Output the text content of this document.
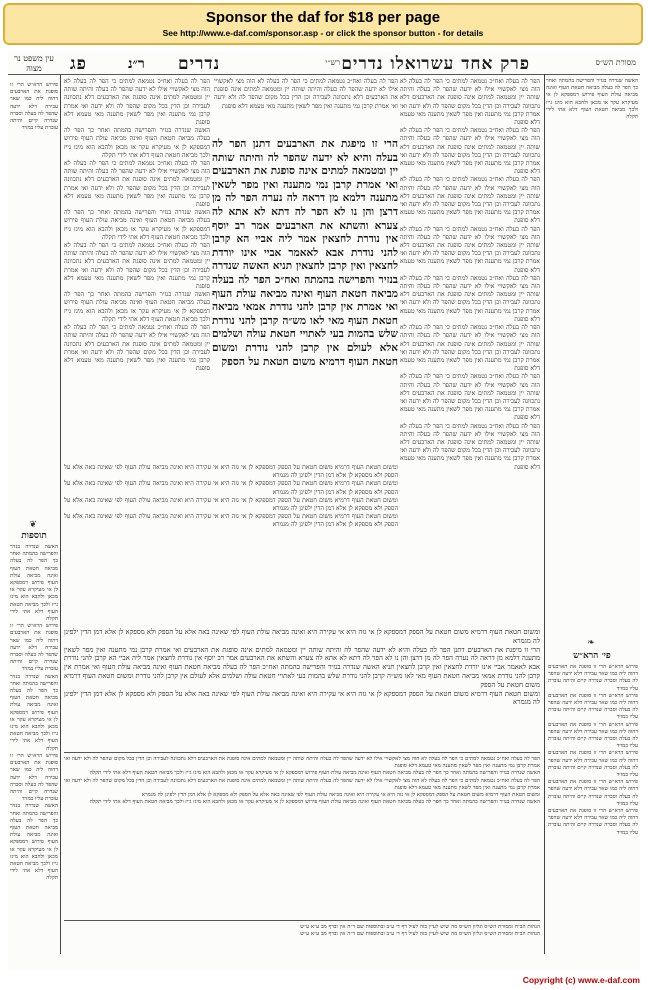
Sponsor the daf for $18 per page
See http://www.e-daf.com/sponsor.asp - or click the sponsor button - for details
מסורת הש״ס
רש״י ואלו נדרים פרק אחד עשר
נדרים
ר״נ
פג
עין משפט נר מצוה

האשה שנדרה בנזיר והפרישה בהמתה ואחר כך הפר לה בעלה מביאה חטאת העוף ואינה מביאה עולת העוף פירוש דמספקא לן אי מעיקרא עקר או מכאן ולהבא הוא מיגז גייז ולכך מביאה חטאת העוף דלא אתי לידי תקלה

הפר לה בעלה ואח״כ נטמאה למתים כי הפר לה בעלה לא הוה מצי לאקשויי אילו לא ידעה שהפר לה בעלה והיתה שותה יין ומטמאה למתים אינה סופגת את הארבעים דלא נתכוונה לעבירה וכן הדין בכל מקום שהפר לה ולא ידעה ואי אמרת קרבן נמי מתענה ואין מפר לשאין מתענה מאי טעמא דלא סופגת

הפר לה בעלה ואח״כ נטמאה למתים כי הפר לה בעלה לא הוה מצי לאקשויי אילו לא ידעה שהפר לה בעלה והיתה שותה יין ומטמאה למתים אינה סופגת את הארבעים דלא נתכוונה לעבירה וכן הדין בכל מקום שהפר לה ולא ידעה ואי אמרת קרבן נמי מתענה ואין מפר לשאין מתענה מאי טעמא דלא סופגת

הפר לה בעלה ואח״כ נטמאה למתים כי הפר לה בעלה לא הוה מצי לאקשויי אילו לא ידעה שהפר לה בעלה והיתה שותה יין ומטמאה למתים אינה סופגת את הארבעים דלא נתכוונה לעבירה וכן הדין בכל מקום שהפר לה ולא ידעה ואי אמרת קרבן נמי מתענה ואין מפר לשאין מתענה מאי טעמא דלא סופגת

הפר לה בעלה ואח״כ נטמאה למתים כי הפר לה בעלה לא הוה מצי לאקשויי אילו לא ידעה שהפר לה בעלה והיתה שותה יין ומטמאה למתים אינה סופגת את הארבעים דלא נתכוונה לעבירה וכן הדין בכל מקום שהפר לה ולא ידעה ואי אמרת קרבן נמי מתענה ואין מפר לשאין מתענה מאי טעמא דלא סופגת

הפר לה בעלה ואח״כ נטמאה למתים כי הפר לה בעלה לא הוה מצי לאקשויי אילו לא ידעה שהפר לה בעלה והיתה שותה יין ומטמאה למתים אינה סופגת את הארבעים דלא נתכוונה לעבירה וכן הדין בכל מקום שהפר לה ולא ידעה ואי אמרת קרבן נמי מתענה ואין מפר לשאין מתענה מאי טעמא דלא סופגת

הפר לה בעלה ואח״כ נטמאה למתים כי הפר לה בעלה לא הוה מצי לאקשויי אילו לא ידעה שהפר לה בעלה והיתה שותה יין ומטמאה למתים אינה סופגת את הארבעים דלא נתכוונה לעבירה וכן הדין בכל מקום שהפר לה ולא ידעה ואי אמרת קרבן נמי מתענה ואין מפר לשאין מתענה מאי טעמא דלא סופגת

הפר לה בעלה ואח״כ נטמאה למתים כי הפר לה בעלה לא הוה מצי לאקשויי אילו לא ידעה שהפר לה בעלה והיתה שותה יין ומטמאה למתים אינה סופגת את הארבעים דלא נתכוונה לעבירה וכן הדין בכל מקום שהפר לה ולא ידעה ואי אמרת קרבן נמי מתענה ואין מפר לשאין מתענה מאי טעמא דלא סופגת

הפר לה בעלה ואח״כ נטמאה למתים כי הפר לה בעלה לא הוה מצי לאקשויי אילו לא ידעה שהפר לה בעלה והיתה שותה יין ומטמאה למתים אינה סופגת את הארבעים דלא נתכוונה לעבירה וכן הדין בכל מקום שהפר לה ולא ידעה ואי אמרת קרבן נמי מתענה ואין מפר לשאין מתענה מאי טעמא דלא סופגת

הפר לה בעלה ואח״כ נטמאה למתים כי הפר לה בעלה לא הוה מצי לאקשויי אילו לא ידעה שהפר לה בעלה והיתה שותה יין ומטמאה למתים אינה סופגת את הארבעים דלא נתכוונה לעבירה וכן הדין בכל מקום שהפר לה ולא ידעה ואי אמרת קרבן נמי מתענה ואין מפר לשאין מתענה מאי טעמא דלא סופגת

הרי זו מיפגת את הארבעים דתנן הפר לה בעלה והיא לא ידעה שהפר לה והיתה שותה יין ומטמאה למתים אינה סופגת את הארבעים ואי אמרת קרבן נמי מתענה ואין מפר לשאין מתענה דלמא מן דראה לה נערה הפר לה מן דרצן והן נו לא הפר לה דתא לא אתא לה צערא והשתא את הארבעים אמר רב יוסף אין נודרת לחצאין אמר ליה אביי הא קרבן להני נודרת אבא לאאמר אביי אינו יורדת לחצאין ואין קרבן לחצאין תניא האשה שנדרה בנזיר והפרישה בהמתה ואח״כ הפר לה בעלה מביאה חטאת העוף ואינה מביאה עולת העוף ואי אמרת אין קרבן להני נודרת אמאי מביאה חטאת העוף מאי לאו מש״ה קרבן להני נודרת שלש בהמות בעי לאתויי חטאת עולה ושלמים אלא לעולם אין קרבן להני נודרת ומשום חטאת העוף דרמיא משום חטאת על הספק

הפר לה בעלה ואח״כ נטמאה למתים כי הפר לה בעלה לא הוה מצי לאקשויי אילו לא ידעה שהפר לה בעלה והיתה שותה יין ומטמאה למתים אינה סופגת את הארבעים דלא נתכוונה לעבירה וכן הדין בכל מקום שהפר לה ולא ידעה ואי אמרת קרבן נמי מתענה ואין מפר לשאין מתענה מאי טעמא דלא סופגת

האשה שנדרה בנזיר והפרישה בהמתה ואחר כך הפר לה בעלה מביאה חטאת העוף ואינה מביאה עולת העוף פירוש דמספקא לן אי מעיקרא עקר או מכאן ולהבא הוא מיגז גייז ולכך מביאה חטאת העוף דלא אתי לידי תקלה

הפר לה בעלה ואח״כ נטמאה למתים כי הפר לה בעלה לא הוה מצי לאקשויי אילו לא ידעה שהפר לה בעלה והיתה שותה יין ומטמאה למתים אינה סופגת את הארבעים דלא נתכוונה לעבירה וכן הדין בכל מקום שהפר לה ולא ידעה ואי אמרת קרבן נמי מתענה ואין מפר לשאין מתענה מאי טעמא דלא סופגת

האשה שנדרה בנזיר והפרישה בהמתה ואחר כך הפר לה בעלה מביאה חטאת העוף ואינה מביאה עולת העוף פירוש דמספקא לן אי מעיקרא עקר או מכאן ולהבא הוא מיגז גייז ולכך מביאה חטאת העוף דלא אתי לידי תקלה

הפר לה בעלה ואח״כ נטמאה למתים כי הפר לה בעלה לא הוה מצי לאקשויי אילו לא ידעה שהפר לה בעלה והיתה שותה יין ומטמאה למתים אינה סופגת את הארבעים דלא נתכוונה לעבירה וכן הדין בכל מקום שהפר לה ולא ידעה ואי אמרת קרבן נמי מתענה ואין מפר לשאין מתענה מאי טעמא דלא סופגת

האשה שנדרה בנזיר והפרישה בהמתה ואחר כך הפר לה בעלה מביאה חטאת העוף ואינה מביאה עולת העוף פירוש דמספקא לן אי מעיקרא עקר או מכאן ולהבא הוא מיגז גייז ולכך מביאה חטאת העוף דלא אתי לידי תקלה

הפר לה בעלה ואח״כ נטמאה למתים כי הפר לה בעלה לא הוה מצי לאקשויי אילו לא ידעה שהפר לה בעלה והיתה שותה יין ומטמאה למתים אינה סופגת את הארבעים דלא נתכוונה לעבירה וכן הדין בכל מקום שהפר לה ולא ידעה ואי אמרת קרבן נמי מתענה ואין מפר לשאין מתענה מאי טעמא דלא סופגת

פירוש הרא״ש הרי זו סופגת את הארבעים דהוה ליה כמו שאר עבירה דלא ידעה שהפר לה בעלה וסברה שנדרה קיים והיתה עוברת עליו במזיד

❦
תוספות

האשה שנדרה בנזיר והפרישה בהמתה ואחר כך הפר לה בעלה מביאה חטאת העוף ואינה מביאה עולת העוף פירוש דמספקא לן אי מעיקרא עקר או מכאן ולהבא הוא מיגז גייז ולכך מביאה חטאת העוף דלא אתי לידי תקלה

פירוש הרא״ש הרי זו סופגת את הארבעים דהוה ליה כמו שאר עבירה דלא ידעה שהפר לה בעלה וסברה שנדרה קיים והיתה עוברת עליו במזיד

האשה שנדרה בנזיר והפרישה בהמתה ואחר כך הפר לה בעלה מביאה חטאת העוף ואינה מביאה עולת העוף פירוש דמספקא לן אי מעיקרא עקר או מכאן ולהבא הוא מיגז גייז ולכך מביאה חטאת העוף דלא אתי לידי תקלה

פירוש הרא״ש הרי זו סופגת את הארבעים דהוה ליה כמו שאר עבירה דלא ידעה שהפר לה בעלה וסברה שנדרה קיים והיתה עוברת עליו במזיד

האשה שנדרה בנזיר והפרישה בהמתה ואחר כך הפר לה בעלה מביאה חטאת העוף ואינה מביאה עולת העוף פירוש דמספקא לן אי מעיקרא עקר או מכאן ולהבא הוא מיגז גייז ולכך מביאה חטאת העוף דלא אתי לידי תקלה

❧
פי׳ הרא״ש

פירוש הרא״ש הרי זו סופגת את הארבעים דהוה ליה כמו שאר עבירה דלא ידעה שהפר לה בעלה וסברה שנדרה קיים והיתה עוברת עליו במזיד

פירוש הרא״ש הרי זו סופגת את הארבעים דהוה ליה כמו שאר עבירה דלא ידעה שהפר לה בעלה וסברה שנדרה קיים והיתה עוברת עליו במזיד

פירוש הרא״ש הרי זו סופגת את הארבעים דהוה ליה כמו שאר עבירה דלא ידעה שהפר לה בעלה וסברה שנדרה קיים והיתה עוברת עליו במזיד

פירוש הרא״ש הרי זו סופגת את הארבעים דהוה ליה כמו שאר עבירה דלא ידעה שהפר לה בעלה וסברה שנדרה קיים והיתה עוברת עליו במזיד

פירוש הרא״ש הרי זו סופגת את הארבעים דהוה ליה כמו שאר עבירה דלא ידעה שהפר לה בעלה וסברה שנדרה קיים והיתה עוברת עליו במזיד

פירוש הרא״ש הרי זו סופגת את הארבעים דהוה ליה כמו שאר עבירה דלא ידעה שהפר לה בעלה וסברה שנדרה קיים והיתה עוברת עליו במזיד

ומשום חטאת העוף דרמיא משום חטאת על הספק דמספקא לן אי גזה היא אי עקירה היא ואינה מביאה עולת העוף לפי שאינה באה אלא על הספק ולא מספקא לן אלא דמן הדין ילפינן לה מגמרא

ומשום חטאת העוף דרמיא משום חטאת על הספק דמספקא לן אי גזה היא אי עקירה היא ואינה מביאה עולת העוף לפי שאינה באה אלא על הספק ולא מספקא לן אלא דמן הדין ילפינן לה מגמרא

ומשום חטאת העוף דרמיא משום חטאת על הספק דמספקא לן אי גזה היא אי עקירה היא ואינה מביאה עולת העוף לפי שאינה באה אלא על הספק ולא מספקא לן אלא דמן הדין ילפינן לה מגמרא

ומשום חטאת העוף דרמיא משום חטאת על הספק דמספקא לן אי גזה היא אי עקירה היא ואינה מביאה עולת העוף לפי שאינה באה אלא על הספק ולא מספקא לן אלא דמן הדין ילפינן לה מגמרא

ומשום חטאת העוף דרמיא משום חטאת על הספק דמספקא לן אי גזה היא אי עקירה היא ואינה מביאה עולת העוף לפי שאינה באה אלא על הספק ולא מספקא לן אלא דמן הדין ילפינן לה מגמרא

הרי זו מיפגת את הארבעים דתנן הפר לה בעלה והיא לא ידעה שהפר לה והיתה שותה יין ומטמאה למתים אינה סופגת את הארבעים ואי אמרת קרבן נמי מתענה ואין מפר לשאין מתענה דלמא מן דראה לה נערה הפר לה מן דרצן והן נו לא הפר לה דתא לא אתא לה צערא והשתא את הארבעים אמר רב יוסף אין נודרת לחצאין אמר ליה אביי הא קרבן להני נודרת אבא לאאמר אביי אינו יורדת לחצאין ואין קרבן לחצאין תניא האשה שנדרה בנזיר והפרישה בהמתה ואח״כ הפר לה בעלה מביאה חטאת העוף ואינה מביאה עולת העוף ואי אמרת אין קרבן להני נודרת אמאי מביאה חטאת העוף מאי לאו מש״ה קרבן להני נודרת שלש בהמות בעי לאתויי חטאת עולה ושלמים אלא לעולם אין קרבן להני נודרת ומשום חטאת העוף דרמיא משום חטאת על הספק

ומשום חטאת העוף דרמיא משום חטאת על הספק דמספקא לן אי גזה היא אי עקירה היא ואינה מביאה עולת העוף לפי שאינה באה אלא על הספק ולא מספקא לן אלא דמן הדין ילפינן לה מגמרא

הפר לה בעלה ואח״כ נטמאה למתים כי הפר לה בעלה לא הוה מצי לאקשויי אילו לא ידעה שהפר לה בעלה והיתה שותה יין ומטמאה למתים אינה סופגת את הארבעים דלא נתכוונה לעבירה וכן הדין בכל מקום שהפר לה ולא ידעה ואי אמרת קרבן נמי מתענה ואין מפר לשאין מתענה מאי טעמא דלא סופגת

האשה שנדרה בנזיר והפרישה בהמתה ואחר כך הפר לה בעלה מביאה חטאת העוף ואינה מביאה עולת העוף פירוש דמספקא לן אי מעיקרא עקר או מכאן ולהבא הוא מיגז גייז ולכך מביאה חטאת העוף דלא אתי לידי תקלה

הפר לה בעלה ואח״כ נטמאה למתים כי הפר לה בעלה לא הוה מצי לאקשויי אילו לא ידעה שהפר לה בעלה והיתה שותה יין ומטמאה למתים אינה סופגת את הארבעים דלא נתכוונה לעבירה וכן הדין בכל מקום שהפר לה ולא ידעה ואי אמרת קרבן נמי מתענה ואין מפר לשאין מתענה מאי טעמא דלא סופגת

ומשום חטאת העוף דרמיא משום חטאת על הספק דמספקא לן אי גזה היא אי עקירה היא ואינה מביאה עולת העוף לפי שאינה באה אלא על הספק ולא מספקא לן אלא דמן הדין ילפינן לה מגמרא

האשה שנדרה בנזיר והפרישה בהמתה ואחר כך הפר לה בעלה מביאה חטאת העוף ואינה מביאה עולת העוף פירוש דמספקא לן אי מעיקרא עקר או מכאן ולהבא הוא מיגז גייז ולכך מביאה חטאת העוף דלא אתי לידי תקלה

הגהות הב״ח ומסורת הש״ס וגליון הש״ס מה שיש לעיין בזה לעיל דף ד׳ ע״ב ובתוספות שם ד״ה אין ובדף מב ע״א ע״ש

הגהות הב״ח ומסורת הש״ס וגליון הש״ס מה שיש לעיין בזה לעיל דף ד׳ ע״ב ובתוספות שם ד״ה אין ובדף מב ע״א ע״ש

Copyright (c) www.e-daf.com
